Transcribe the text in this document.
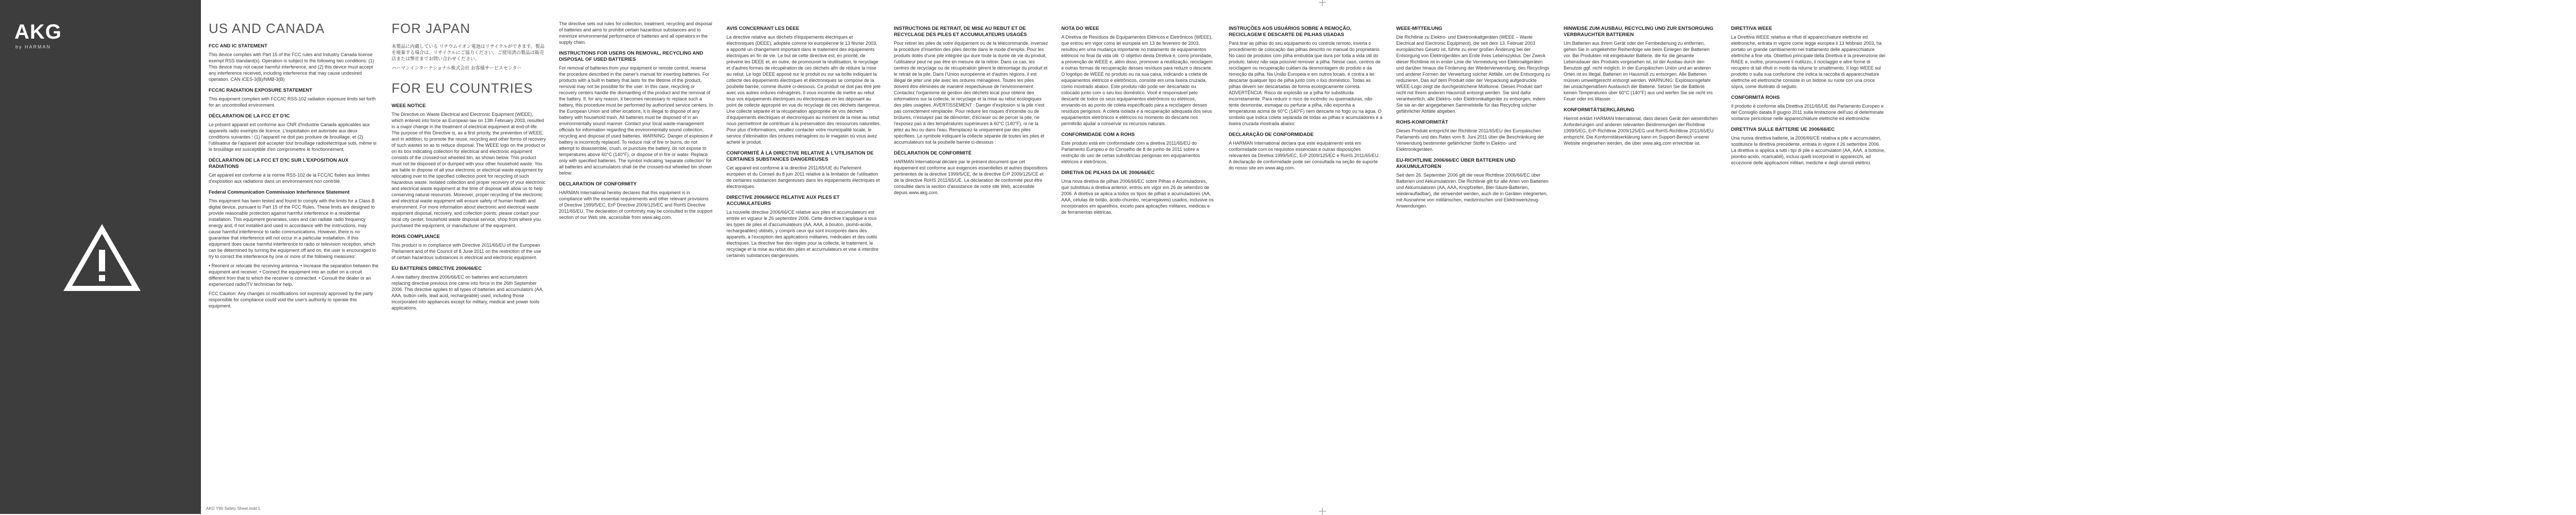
AKG
by HARMAN
US AND CANADA
FCC AND IC STATEMENT

This device complies with Part 15 of the FCC rules and Industry Canada license exempt RSS standard(s). Operation is subject to the following two conditions: (1) This device may not cause harmful interference, and (2) this device must accept any interference received, including interference that may cause undesired operation. CAN ICES-3(B)/NMB-3(B)

FCC/IC RADIATION EXPOSURE STATEMENT

This equipment complies with FCC/IC RSS-102 radiation exposure limits set forth for an uncontrolled environment.

DÉCLARATION DE LA FCC ET D'IC

Le présent appareil est conforme aux CNR d'Industrie Canada applicables aux appareils radio exempts de licence. L'exploitation est autorisée aux deux conditions suivantes : (1) l'appareil ne doit pas produire de brouillage, et (2) l'utilisateur de l'appareil doit accepter tout brouillage radioélectrique subi, même si le brouillage est susceptible d'en compromettre le fonctionnement.

DÉCLARATION DE LA FCC ET D'IC SUR L'EXPOSITION AUX RADIATIONS

Cet appareil est conforme à la norme RSS-102 de la FCC/IC fixées aux limites d'exposition aux radiations dans un environnement non contrôlé.

Federal Communication Commission Interference Statement

This equipment has been tested and found to comply with the limits for a Class B digital device, pursuant to Part 15 of the FCC Rules. These limits are designed to provide reasonable protection against harmful interference in a residential installation. This equipment generates, uses and can radiate radio frequency energy and, if not installed and used in accordance with the instructions, may cause harmful interference to radio communications. However, there is no guarantee that interference will not occur in a particular installation. If this equipment does cause harmful interference to radio or television reception, which can be determined by turning the equipment off and on, the user is encouraged to try to correct the interference by one or more of the following measures:

• Reorient or relocate the receiving antenna. • Increase the separation between the equipment and receiver. • Connect the equipment into an outlet on a circuit different from that to which the receiver is connected. • Consult the dealer or an experienced radio/TV technician for help.

FCC Caution: Any changes or modifications not expressly approved by the party responsible for compliance could void the user's authority to operate this equipment.

FOR JAPAN

本製品に内蔵している リチウムイオン電池はリサイクルができます。製品を廃棄する場合は、リサイクルにご協力ください。ご使用済の製品は販売店または弊社までお問い合わせください。

ハーマンインターナショナル株式会社 お客様サービスセンター

FOR EU COUNTRIES
WEEE NOTICE

The Directive on Waste Electrical and Electronic Equipment (WEEE), which entered into force as European law on 13th February 2003, resulted in a major change in the treatment of electrical equipment at end-of-life. The purpose of this Directive is, as a first priority, the prevention of WEEE, and in addition, to promote the reuse, recycling and other forms of recovery of such wastes so as to reduce disposal. The WEEE logo on the product or on its box indicating collection for electrical and electronic equipment consists of the crossed-out wheeled bin, as shown below. This product must not be disposed of or dumped with your other household waste. You are liable to dispose of all your electronic or electrical waste equipment by relocating over to the specified collection point for recycling of such hazardous waste. Isolated collection and proper recovery of your electronic and electrical waste equipment at the time of disposal will allow us to help conserving natural resources. Moreover, proper recycling of the electronic and electrical waste equipment will ensure safety of human health and environment. For more information about electronic and electrical waste equipment disposal, recovery, and collection points, please contact your local city center, household waste disposal service, shop from where you purchased the equipment, or manufacturer of the equipment.

ROHS COMPLIANCE

This product is in compliance with Directive 2011/65/EU of the European Parliament and of the Council of 8 June 2011 on the restriction of the use of certain hazardous substances in electrical and electronic equipment.

EU BATTERIES DIRECTIVE 2006/66/EC

A new battery directive 2006/66/EC on batteries and accumulators replacing directive previous one came into force in the 26th September 2006. This directive applies to all types of batteries and accumulators (AA, AAA, button cells, lead acid, rechargeable) used, including those incorporated into appliances except for military, medical and power tools applications.

The directive sets out rules for collection, treatment, recycling and disposal of batteries and aims to prohibit certain hazardous substances and to minimize environmental performance of batteries and all operators in the supply chain.

INSTRUCTIONS FOR USERS ON REMOVAL, RECYCLING AND DISPOSAL OF USED BATTERIES

For removal of batteries from your equipment or remote control, reverse the procedure described in the owner's manual for inserting batteries. For products with a built in battery that lasts for the lifetime of the product, removal may not be possible for the user. In this case, recycling or recovery centers handle the dismantling of the product and the removal of the battery. If, for any reason, it becomes necessary to replace such a battery, this procedure must be performed by authorized service centers. In the European Union and other locations, it is illegal to dispose of any battery with household trash. All batteries must be disposed of in an environmentally sound manner. Contact your local waste-management officials for information regarding the environmentally sound collection, recycling and disposal of used batteries. WARNING: Danger of explosion if battery is incorrectly replaced. To reduce risk of fire or burns, do not attempt to disassemble, crush, or puncture the battery, do not expose to temperatures above 60°C (140°F), or dispose of in fire or water. Replace only with specified batteries. The symbol indicating 'separate collection' for all batteries and accumulators shall be the crossed-out wheeled bin shown below:

DECLARATION OF CONFORMITY

HARMAN International hereby declares that this equipment is in compliance with the essential requirements and other relevant provisions of Directive 1999/5/EC, ErP Directive 2009/125/EC and RoHS Directive 2011/65/EU. The declaration of conformity may be consulted in the support section of our Web site, accessible from www.akg.com.

AVIS CONCERNANT LES DEEE

La directive relative aux déchets d'équipements électriques et électroniques (DEEE), adoptée comme loi européenne le 13 février 2003, a apporté un changement important dans le traitement des équipements électriques en fin de vie. Le but de cette directive est, en priorité, de prévenir les DEEE et, en outre, de promouvoir la réutilisation, le recyclage et d'autres formes de récupération de ces déchets afin de réduire la mise au rebut. Le logo DEEE apposé sur le produit ou sur sa boîte indiquant la collecte des équipements électriques et électroniques se compose de la poubelle barrée, comme illustré ci-dessous. Ce produit ne doit pas être jeté avec vos autres ordures ménagères. Il vous incombe de mettre au rebut tous vos équipements électriques ou électroniques en les déposant au point de collecte approprié en vue du recyclage de ces déchets dangereux. Une collecte séparée et la récupération appropriée de vos déchets d'équipements électriques et électroniques au moment de la mise au rebut nous permettront de contribuer à la préservation des ressources naturelles. Pour plus d'informations, veuillez contacter votre municipalité locale, le service d'élimination des ordures ménagères ou le magasin où vous avez acheté le produit.

CONFORMITÉ À LA DIRECTIVE RELATIVE À L'UTILISATION DE CERTAINES SUBSTANCES DANGEREUSES

Cet appareil est conforme à la directive 2011/65/UE du Parlement européen et du Conseil du 8 juin 2011 relative à la limitation de l'utilisation de certaines substances dangereuses dans les équipements électriques et électroniques.

DIRECTIVE 2006/66/CE RELATIVE AUX PILES ET ACCUMULATEURS

La nouvelle directive 2006/66/CE relative aux piles et accumulateurs est entrée en vigueur le 26 septembre 2006. Cette directive s'applique à tous les types de piles et d'accumulateurs (AA, AAA, à bouton, plomb-acide, rechargeables) utilisés, y compris ceux qui sont incorporés dans des appareils, à l'exception des applications militaires, médicales et des outils électriques. La directive fixe des règles pour la collecte, le traitement, le recyclage et la mise au rebut des piles et accumulateurs et vise à interdire certaines substances dangereuses.

INSTRUCTIONS DE RETRAIT, DE MISE AU REBUT ET DE RECYCLAGE DES PILES ET ACCUMULATEURS USAGÉS

Pour retirer les piles de votre équipement ou de la télécommande, inversez la procédure d'insertion des piles décrite dans le mode d'emploi. Pour les produits dotés d'une pile intégrée qui dure toute la durée de vie du produit, l'utilisateur peut ne pas être en mesure de la retirer. Dans ce cas, les centres de recyclage ou de récupération gèrent le démontage du produit et le retrait de la pile. Dans l'Union européenne et d'autres régions, il est illégal de jeter une pile avec les ordures ménagères. Toutes les piles doivent être éliminées de manière respectueuse de l'environnement. Contactez l'organisme de gestion des déchets local pour obtenir des informations sur la collecte, le recyclage et la mise au rebut écologiques des piles usagées. AVERTISSEMENT : Danger d'explosion si la pile n'est pas correctement remplacée. Pour réduire les risques d'incendie ou de brûlures, n'essayez pas de démonter, d'écraser ou de percer la pile, ne l'exposez pas à des températures supérieures à 60°C (140°F), ni ne la jetez au feu ou dans l'eau. Remplacez-la uniquement par des piles spécifiées. Le symbole indiquant la collecte séparée de toutes les piles et accumulateurs est la poubelle barrée ci-dessous :

DÉCLARATION DE CONFORMITÉ

HARMAN International déclare par le présent document que cet équipement est conforme aux exigences essentielles et autres dispositions pertinentes de la directive 1999/5/CE, de la directive ErP 2009/125/CE et de la directive RoHS 2011/65/UE. La déclaration de conformité peut être consultée dans la section d'assistance de notre site Web, accessible depuis www.akg.com.

NOTA DO WEEE

A Diretiva de Resíduos de Equipamentos Elétricos e Eletrônicos (WEEE), que entrou em vigor como lei europeia em 13 de fevereiro de 2003, resultou em uma mudança importante no tratamento de equipamentos elétricos no final da vida útil. O objetivo desta Diretiva é, como prioridade, a prevenção de WEEE e, além disso, promover a reutilização, reciclagem e outras formas de recuperação desses resíduos para reduzir o descarte. O logotipo de WEEE no produto ou na sua caixa, indicando a coleta de equipamentos elétricos e eletrônicos, consiste em uma lixeira cruzada, como mostrado abaixo. Este produto não pode ser descartado ou colocado junto com o seu lixo doméstico. Você é responsável pelo descarte de todos os seus equipamentos eletrônicos ou elétricos, enviando-os ao ponto de coleta especificado para a reciclagem desses resíduos perigosos. A coleta isolada e a recuperação adequada dos seus equipamentos eletrônicos e elétricos no momento do descarte nos permitirão ajudar a conservar os recursos naturais.

CONFORMIDADE COM A ROHS

Este produto está em conformidade com a diretiva 2011/65/EU do Parlamento Europeu e do Conselho de 8 de junho de 2011 sobre a restrição do uso de certas substâncias perigosas em equipamentos elétricos e eletrônicos.

DIRETIVA DE PILHAS DA UE 2006/66/EC

Uma nova diretiva de pilhas 2006/66/EC sobre Pilhas e Acumuladores, que substituiu a diretiva anterior, entrou em vigor em 26 de setembro de 2006. A diretiva se aplica a todos os tipos de pilhas e acumuladores (AA, AAA, células de botão, ácido-chumbo, recarregáveis) usados, inclusive os incorporados em aparelhos, exceto para aplicações militares, médicas e de ferramentas elétricas.

INSTRUÇÕES AOS USUÁRIOS SOBRE A REMOÇÃO, RECICLAGEM E DESCARTE DE PILHAS USADAS

Para tirar as pilhas do seu equipamento ou controle remoto, inverta o procedimento de colocação das pilhas descrito no manual do proprietário. No caso de produtos com pilha embutida que dura por toda a vida útil do produto, talvez não seja possível remover a pilha. Nesse caso, centros de reciclagem ou recuperação cuidam da desmontagem do produto e da remoção da pilha. Na União Europeia e em outros locais, é contra a lei descartar qualquer tipo de pilha junto com o lixo doméstico. Todas as pilhas devem ser descartadas de forma ecologicamente correta. ADVERTÊNCIA: Risco de explosão se a pilha for substituída incorretamente. Para reduzir o risco de incêndio ou queimaduras, não tente desmontar, esmagar ou perfurar a pilha, não exponha a temperaturas acima de 60°C (140°F) nem descarte no fogo ou na água. O símbolo que indica coleta separada de todas as pilhas e acumuladores é a lixeira cruzada mostrada abaixo:

DECLARAÇÃO DE CONFORMIDADE

A HARMAN International declara que este equipamento está em conformidade com os requisitos essenciais e outras disposições relevantes da Diretiva 1999/5/EC, ErP 2009/125/EC e RoHS 2011/65/EU. A declaração de conformidade pode ser consultada na seção de suporte do nosso site em www.akg.com.

WEEE-MITTEILUNG

Die Richtlinie zu Elektro- und Elektronikaltgeräten (WEEE – Waste Electrical and Electronic Equipment), die seit dem 13. Februar 2003 europäisches Gesetz ist, führte zu einer großen Änderung bei der Entsorgung von Elektrogeräten am Ende ihres Lebenszyklus. Der Zweck dieser Richtlinie ist in erster Linie die Vermeidung von Elektroaltgeräten und darüber hinaus die Förderung der Wiederverwendung, des Recyclings und anderer Formen der Verwertung solcher Abfälle, um die Entsorgung zu reduzieren. Das auf dem Produkt oder der Verpackung aufgedruckte WEEE-Logo zeigt die durchgestrichene Mülltonne. Dieses Produkt darf nicht mit Ihrem anderen Hausmüll entsorgt werden. Sie sind dafür verantwortlich, alle Elektro- oder Elektronikaltgeräte zu entsorgen, indem Sie sie an der angegebenen Sammelstelle für das Recycling solcher gefährlicher Abfälle abgeben.

ROHS-KONFORMITÄT

Dieses Produkt entspricht der Richtlinie 2011/65/EU des Europäischen Parlaments und des Rates vom 8. Juni 2011 über die Beschränkung der Verwendung bestimmter gefährlicher Stoffe in Elektro- und Elektronikgeräten.

EU-RICHTLINIE 2006/66/EC ÜBER BATTERIEN UND AKKUMULATOREN

Seit dem 26. September 2006 gilt die neue Richtlinie 2006/66/EC über Batterien und Akkumulatoren. Die Richtlinie gilt für alle Arten von Batterien und Akkumulatoren (AA, AAA, Knopfzellen, Blei-Säure-Batterien, wiederaufladbar), die verwendet werden, auch die in Geräten integrierten, mit Ausnahme von militärischen, medizinischen und Elektrowerkzeug-Anwendungen.

HINWEISE ZUM AUSBAU, RECYCLING UND ZUR ENTSORGUNG VERBRAUCHTER BATTERIEN

Um Batterien aus Ihrem Gerät oder der Fernbedienung zu entfernen, gehen Sie in umgekehrter Reihenfolge wie beim Einlegen der Batterien vor. Bei Produkten mit eingebauter Batterie, die für die gesamte Lebensdauer des Produkts vorgesehen ist, ist der Ausbau durch den Benutzer ggf. nicht möglich. In der Europäischen Union und an anderen Orten ist es illegal, Batterien im Hausmüll zu entsorgen. Alle Batterien müssen umweltgerecht entsorgt werden. WARNUNG: Explosionsgefahr bei unsachgemäßem Austausch der Batterie. Setzen Sie die Batterie keinen Temperaturen über 60°C (140°F) aus und werfen Sie sie nicht ins Feuer oder ins Wasser.

KONFORMITÄTSERKLÄRUNG

Hiermit erklärt HARMAN International, dass dieses Gerät den wesentlichen Anforderungen und anderen relevanten Bestimmungen der Richtlinie 1999/5/EG, ErP-Richtlinie 2009/125/EG und RoHS-Richtlinie 2011/65/EU entspricht. Die Konformitätserklärung kann im Support-Bereich unserer Website eingesehen werden, die über www.akg.com erreichbar ist.

DIRETTIVA WEEE

La Direttiva WEEE relativa ai rifiuti di apparecchiature elettriche ed elettroniche, entrata in vigore come legge europea il 13 febbraio 2003, ha portato un grande cambiamento nel trattamento delle apparecchiature elettriche a fine vita. Obiettivo principale della Direttiva è la prevenzione dei RAEE e, inoltre, promuovere il riutilizzo, il riciclaggio e altre forme di recupero di tali rifiuti in modo da ridurne lo smaltimento. Il logo WEEE sul prodotto o sulla sua confezione che indica la raccolta di apparecchiature elettriche ed elettroniche consiste in un bidone su ruote con una croce sopra, come illustrato di seguito.

CONFORMITÀ ROHS

Il prodotto è conforme alla Direttiva 2011/65/UE del Parlamento Europeo e del Consiglio datata 8 giugno 2011 sulla limitazione dell'uso di determinate sostanze pericolose nelle apparecchiature elettriche ed elettroniche.

DIRETTIVA SULLE BATTERIE UE 2006/66/EC

Una nuova direttiva batterie, la 2006/66/CE relativa a pile e accumulatori, sostituisce la direttiva precedente, entrata in vigore il 26 settembre 2006. La direttiva si applica a tutti i tipi di pile e accumulatori (AA, AAA, a bottone, piombo-acido, ricaricabili), inclusi quelli incorporati in apparecchi, ad eccezione delle applicazioni militari, mediche e degli utensili elettrici.

AKG Y90 Safety Sheet.indd 1
